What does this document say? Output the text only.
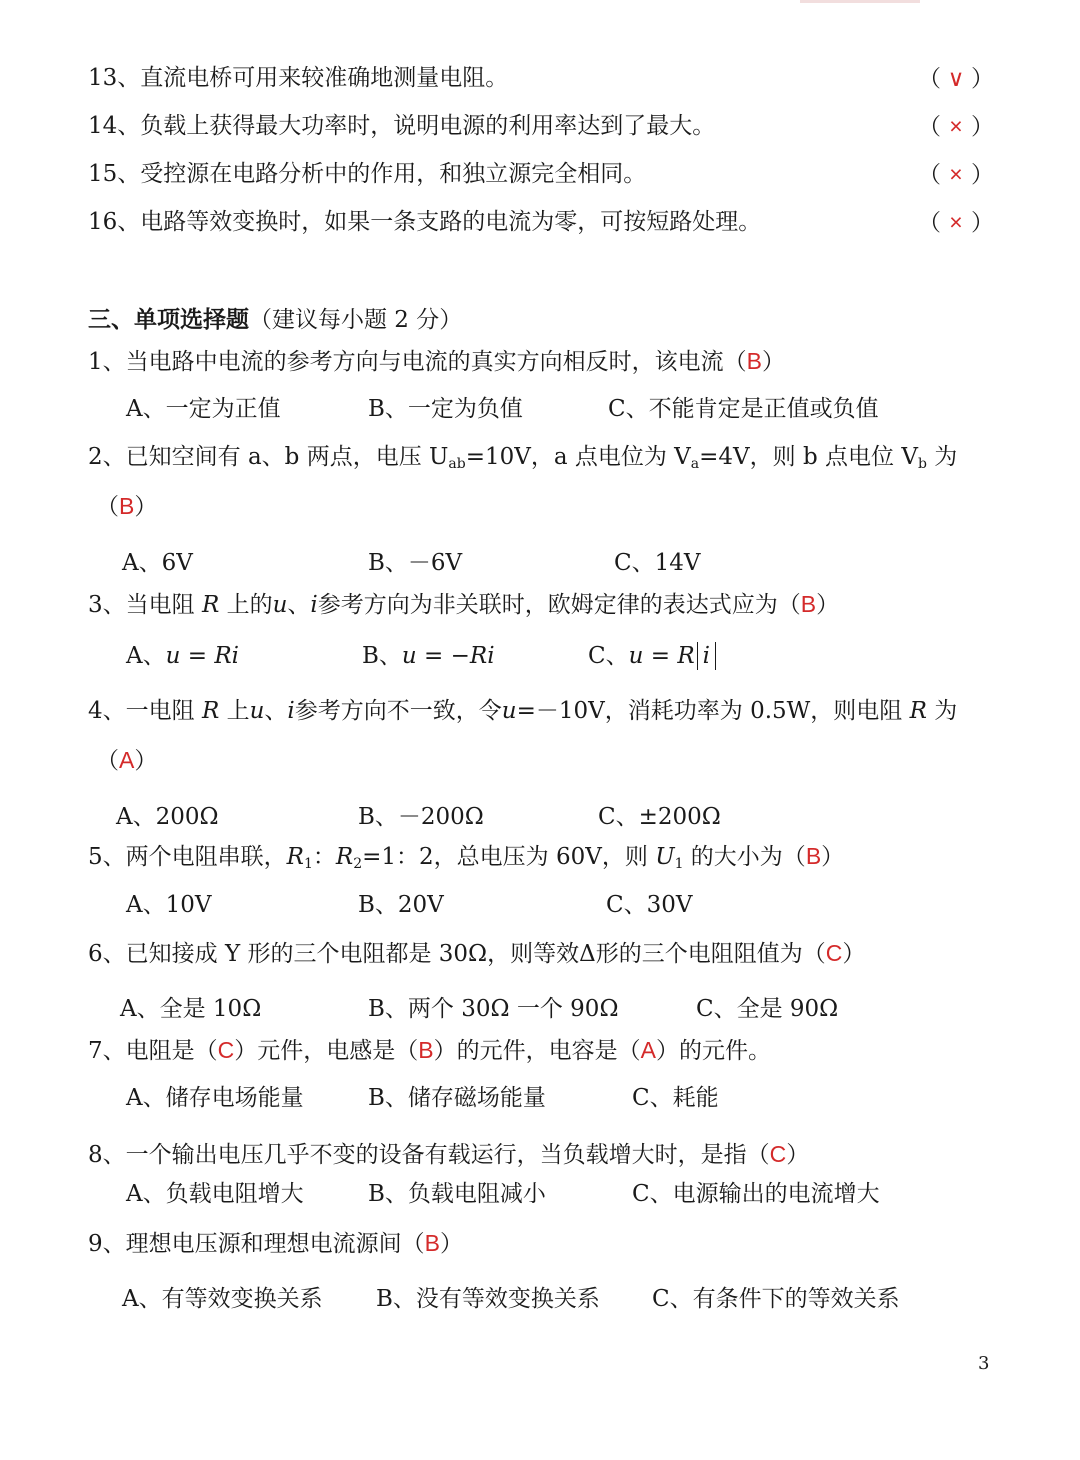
13、直流电桥可用来较准确地测量电阻。	（ ∨ ）
14、负载上获得最大功率时，说明电源的利用率达到了最大。	（ × ）
15、受控源在电路分析中的作用，和独立源完全相同。	（ × ）
16、电路等效变换时，如果一条支路的电流为零，可按短路处理。	（ × ）
三、单项选择题（建议每小题 2 分）
1、当电路中电流的参考方向与电流的真实方向相反时，该电流（B）
A、一定为正值	B、一定为负值	C、不能肯定是正值或负值
2、已知空间有 a、b 两点，电压 $U_{ab}=10V$，a 点电位为 $V_a=4V$，则 b 点电位 $V_b$ 为
（B）
A、6V	B、－6V	C、14V
3、当电阻 R 上的u、i参考方向为非关联时，欧姆定律的表达式应为（B）
A、u = Ri	B、u = −Ri	C、u = R i
4、一电阻 R 上u、i参考方向不一致，令u=－10V，消耗功率为 0.5W，则电阻 R 为
（A）
A、200Ω	B、－200Ω	C、±200Ω
5、两个电阻串联，$R_1$：$R_2=1$：2，总电压为 60V，则 $U_1$ 的大小为（B）
A、10V	B、20V	C、30V
6、已知接成 Y 形的三个电阻都是 30Ω，则等效Δ形的三个电阻阻值为（C）
A、全是 10Ω	B、两个 30Ω 一个 90Ω	C、全是 90Ω
7、电阻是（C）元件，电感是（B）的元件，电容是（A）的元件。
A、储存电场能量	B、储存磁场能量	C、耗能
8、一个输出电压几乎不变的设备有载运行，当负载增大时，是指（C）
A、负载电阻增大	B、负载电阻减小	C、电源输出的电流增大
9、理想电压源和理想电流源间（B）
A、有等效变换关系 B、没有等效变换关系 C、有条件下的等效关系
3
